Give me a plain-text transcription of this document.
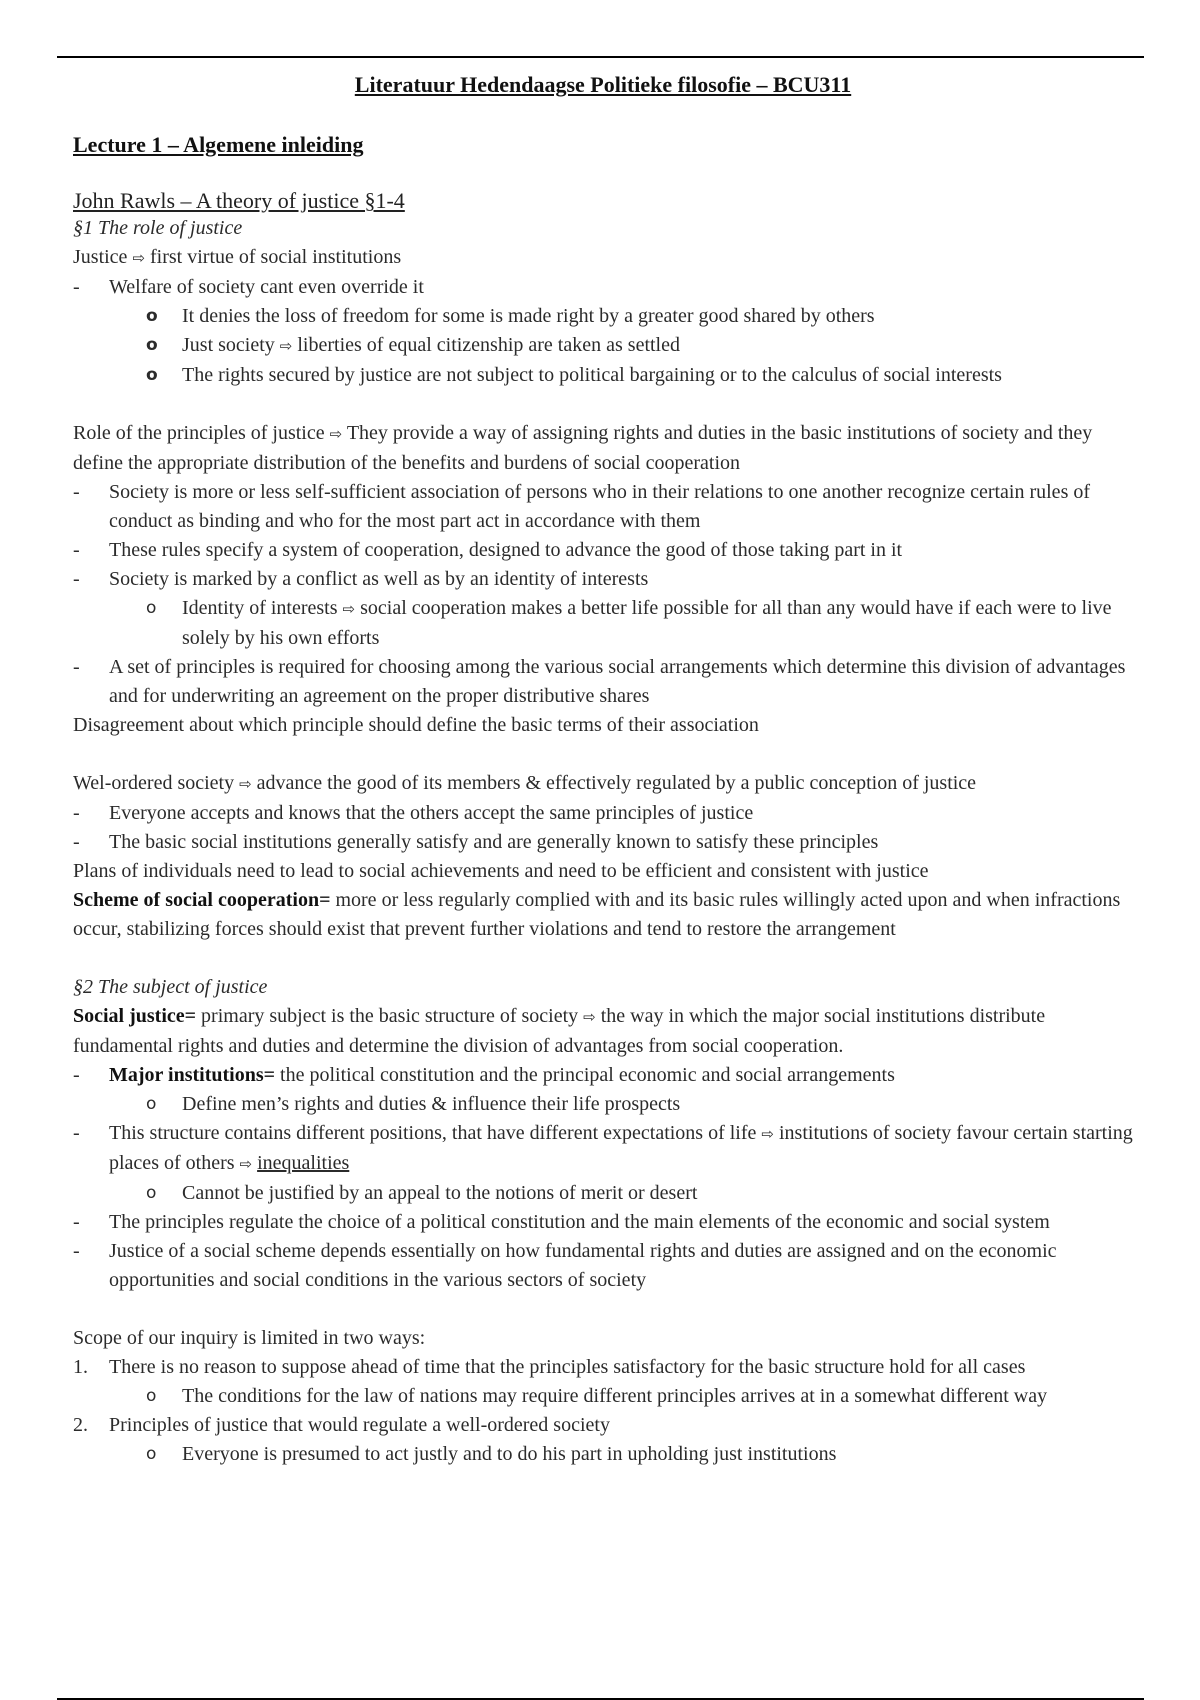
Literatuur Hedendaagse Politieke filosofie – BCU311
Lecture 1 – Algemene inleiding
John Rawls – A theory of justice §1-4

§1 The role of justice

Justice ⇨ first virtue of social institutions

- Welfare of society cant even override it
o It denies the loss of freedom for some is made right by a greater good shared by others
o Just society ⇨ liberties of equal citizenship are taken as settled
o The rights secured by justice are not subject to political bargaining or to the calculus of social interests

Role of the principles of justice ⇨ They provide a way of assigning rights and duties in the basic institutions of society and they define the appropriate distribution of the benefits and burdens of social cooperation

- Society is more or less self-sufficient association of persons who in their relations to one another recognize certain rules of conduct as binding and who for the most part act in accordance with them
- These rules specify a system of cooperation, designed to advance the good of those taking part in it
- Society is marked by a conflict as well as by an identity of interests
o Identity of interests ⇨ social cooperation makes a better life possible for all than any would have if each were to live solely by his own efforts
- A set of principles is required for choosing among the various social arrangements which determine this division of advantages and for underwriting an agreement on the proper distributive shares

Disagreement about which principle should define the basic terms of their association

Wel-ordered society ⇨ advance the good of its members & effectively regulated by a public conception of justice

- Everyone accepts and knows that the others accept the same principles of justice
- The basic social institutions generally satisfy and are generally known to satisfy these principles

Plans of individuals need to lead to social achievements and need to be efficient and consistent with justice

Scheme of social cooperation= more or less regularly complied with and its basic rules willingly acted upon and when infractions occur, stabilizing forces should exist that prevent further violations and tend to restore the arrangement

§2 The subject of justice

Social justice= primary subject is the basic structure of society ⇨ the way in which the major social institutions distribute fundamental rights and duties and determine the division of advantages from social cooperation.

- Major institutions= the political constitution and the principal economic and social arrangements
o Define men’s rights and duties & influence their life prospects
- This structure contains different positions, that have different expectations of life ⇨ institutions of society favour certain starting places of others ⇨ inequalities
o Cannot be justified by an appeal to the notions of merit or desert
- The principles regulate the choice of a political constitution and the main elements of the economic and social system
- Justice of a social scheme depends essentially on how fundamental rights and duties are assigned and on the economic opportunities and social conditions in the various sectors of society

Scope of our inquiry is limited in two ways:

1. There is no reason to suppose ahead of time that the principles satisfactory for the basic structure hold for all cases
o The conditions for the law of nations may require different principles arrives at in a somewhat different way
2. Principles of justice that would regulate a well-ordered society
o Everyone is presumed to act justly and to do his part in upholding just institutions
